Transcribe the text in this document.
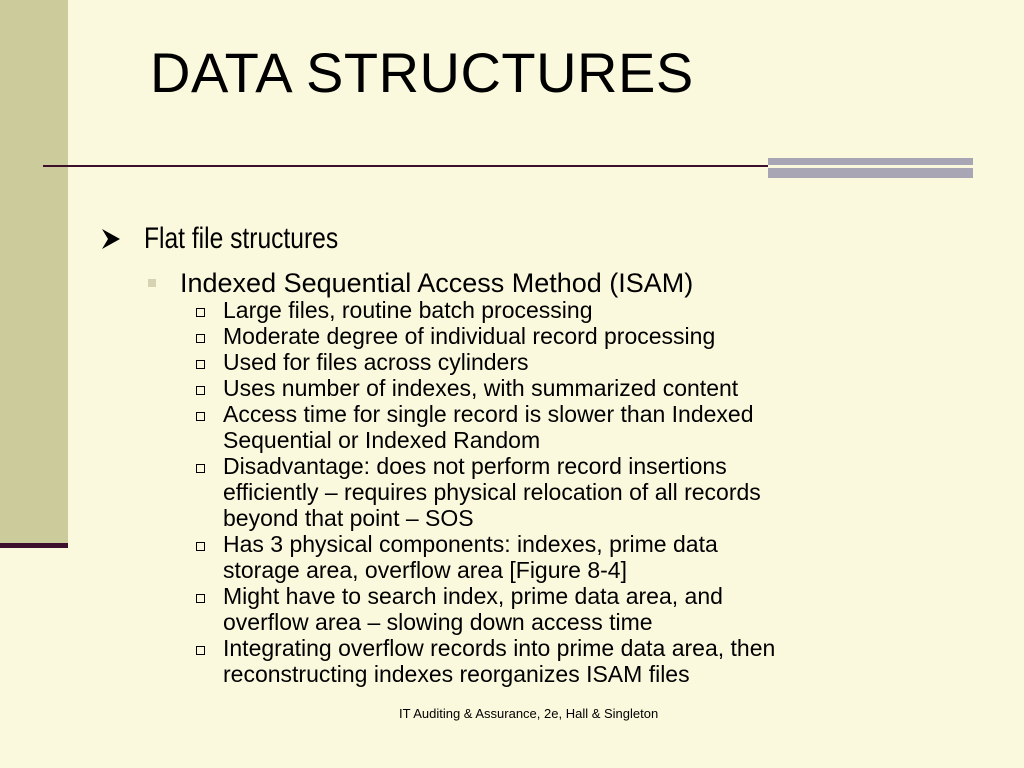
DATA STRUCTURES
Flat file structures
Indexed Sequential Access Method (ISAM)
Large files, routine batch processing
Moderate degree of individual record processing
Used for files across cylinders
Uses number of indexes, with summarized content
Access time for single record is slower than Indexed
Sequential or Indexed Random
Disadvantage: does not perform record insertions
efficiently – requires physical relocation of all records
beyond that point – SOS
Has 3 physical components: indexes, prime data
storage area, overflow area [Figure 8-4]
Might have to search index, prime data area, and
overflow area – slowing down access time
Integrating overflow records into prime data area, then
reconstructing indexes reorganizes ISAM files
IT Auditing & Assurance, 2e, Hall & Singleton
